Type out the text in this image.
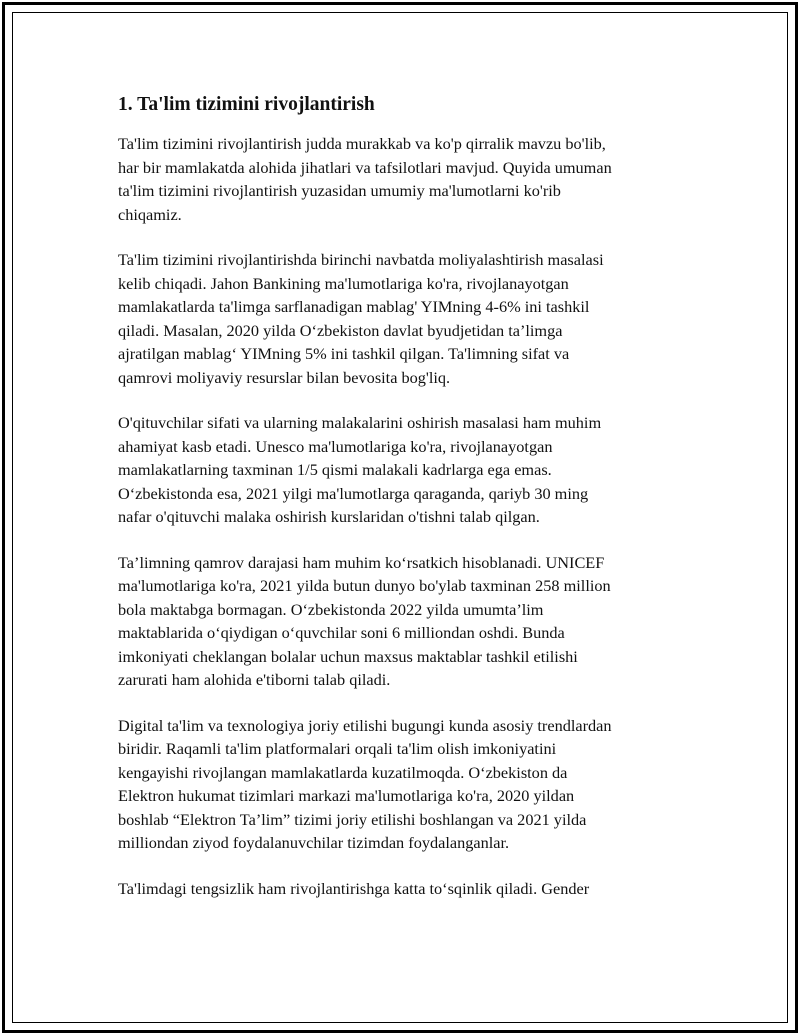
1. Ta'lim tizimini rivojlantirish

Ta'lim tizimini rivojlantirish judda murakkab va ko'p qirralik mavzu bo'lib,
har bir mamlakatda alohida jihatlari va tafsilotlari mavjud. Quyida umuman
ta'lim tizimini rivojlantirish yuzasidan umumiy ma'lumotlarni ko'rib
chiqamiz.

Ta'lim tizimini rivojlantirishda birinchi navbatda moliyalashtirish masalasi
kelib chiqadi. Jahon Bankining ma'lumotlariga ko'ra, rivojlanayotgan
mamlakatlarda ta'limga sarflanadigan mablag' YIMning 4-6% ini tashkil
qiladi. Masalan, 2020 yilda O‘zbekiston davlat byudjetidan ta’limga
ajratilgan mablag‘ YIMning 5% ini tashkil qilgan. Ta'limning sifat va
qamrovi moliyaviy resurslar bilan bevosita bog'liq.

O'qituvchilar sifati va ularning malakalarini oshirish masalasi ham muhim
ahamiyat kasb etadi. Unesco ma'lumotlariga ko'ra, rivojlanayotgan
mamlakatlarning taxminan 1/5 qismi malakali kadrlarga ega emas.
O‘zbekistonda esa, 2021 yilgi ma'lumotlarga qaraganda, qariyb 30 ming
nafar o'qituvchi malaka oshirish kurslaridan o'tishni talab qilgan.

Ta’limning qamrov darajasi ham muhim ko‘rsatkich hisoblanadi. UNICEF
ma'lumotlariga ko'ra, 2021 yilda butun dunyo bo'ylab taxminan 258 million
bola maktabga bormagan. O‘zbekistonda 2022 yilda umumta’lim
maktablarida o‘qiydigan o‘quvchilar soni 6 milliondan oshdi. Bunda
imkoniyati cheklangan bolalar uchun maxsus maktablar tashkil etilishi
zarurati ham alohida e'tiborni talab qiladi.

Digital ta'lim va texnologiya joriy etilishi bugungi kunda asosiy trendlardan
biridir. Raqamli ta'lim platformalari orqali ta'lim olish imkoniyatini
kengayishi rivojlangan mamlakatlarda kuzatilmoqda. O‘zbekiston da
Elektron hukumat tizimlari markazi ma'lumotlariga ko'ra, 2020 yildan
boshlab “Elektron Ta’lim” tizimi joriy etilishi boshlangan va 2021 yilda
milliondan ziyod foydalanuvchilar tizimdan foydalanganlar.

Ta'limdagi tengsizlik ham rivojlantirishga katta to‘sqinlik qiladi. Gender
